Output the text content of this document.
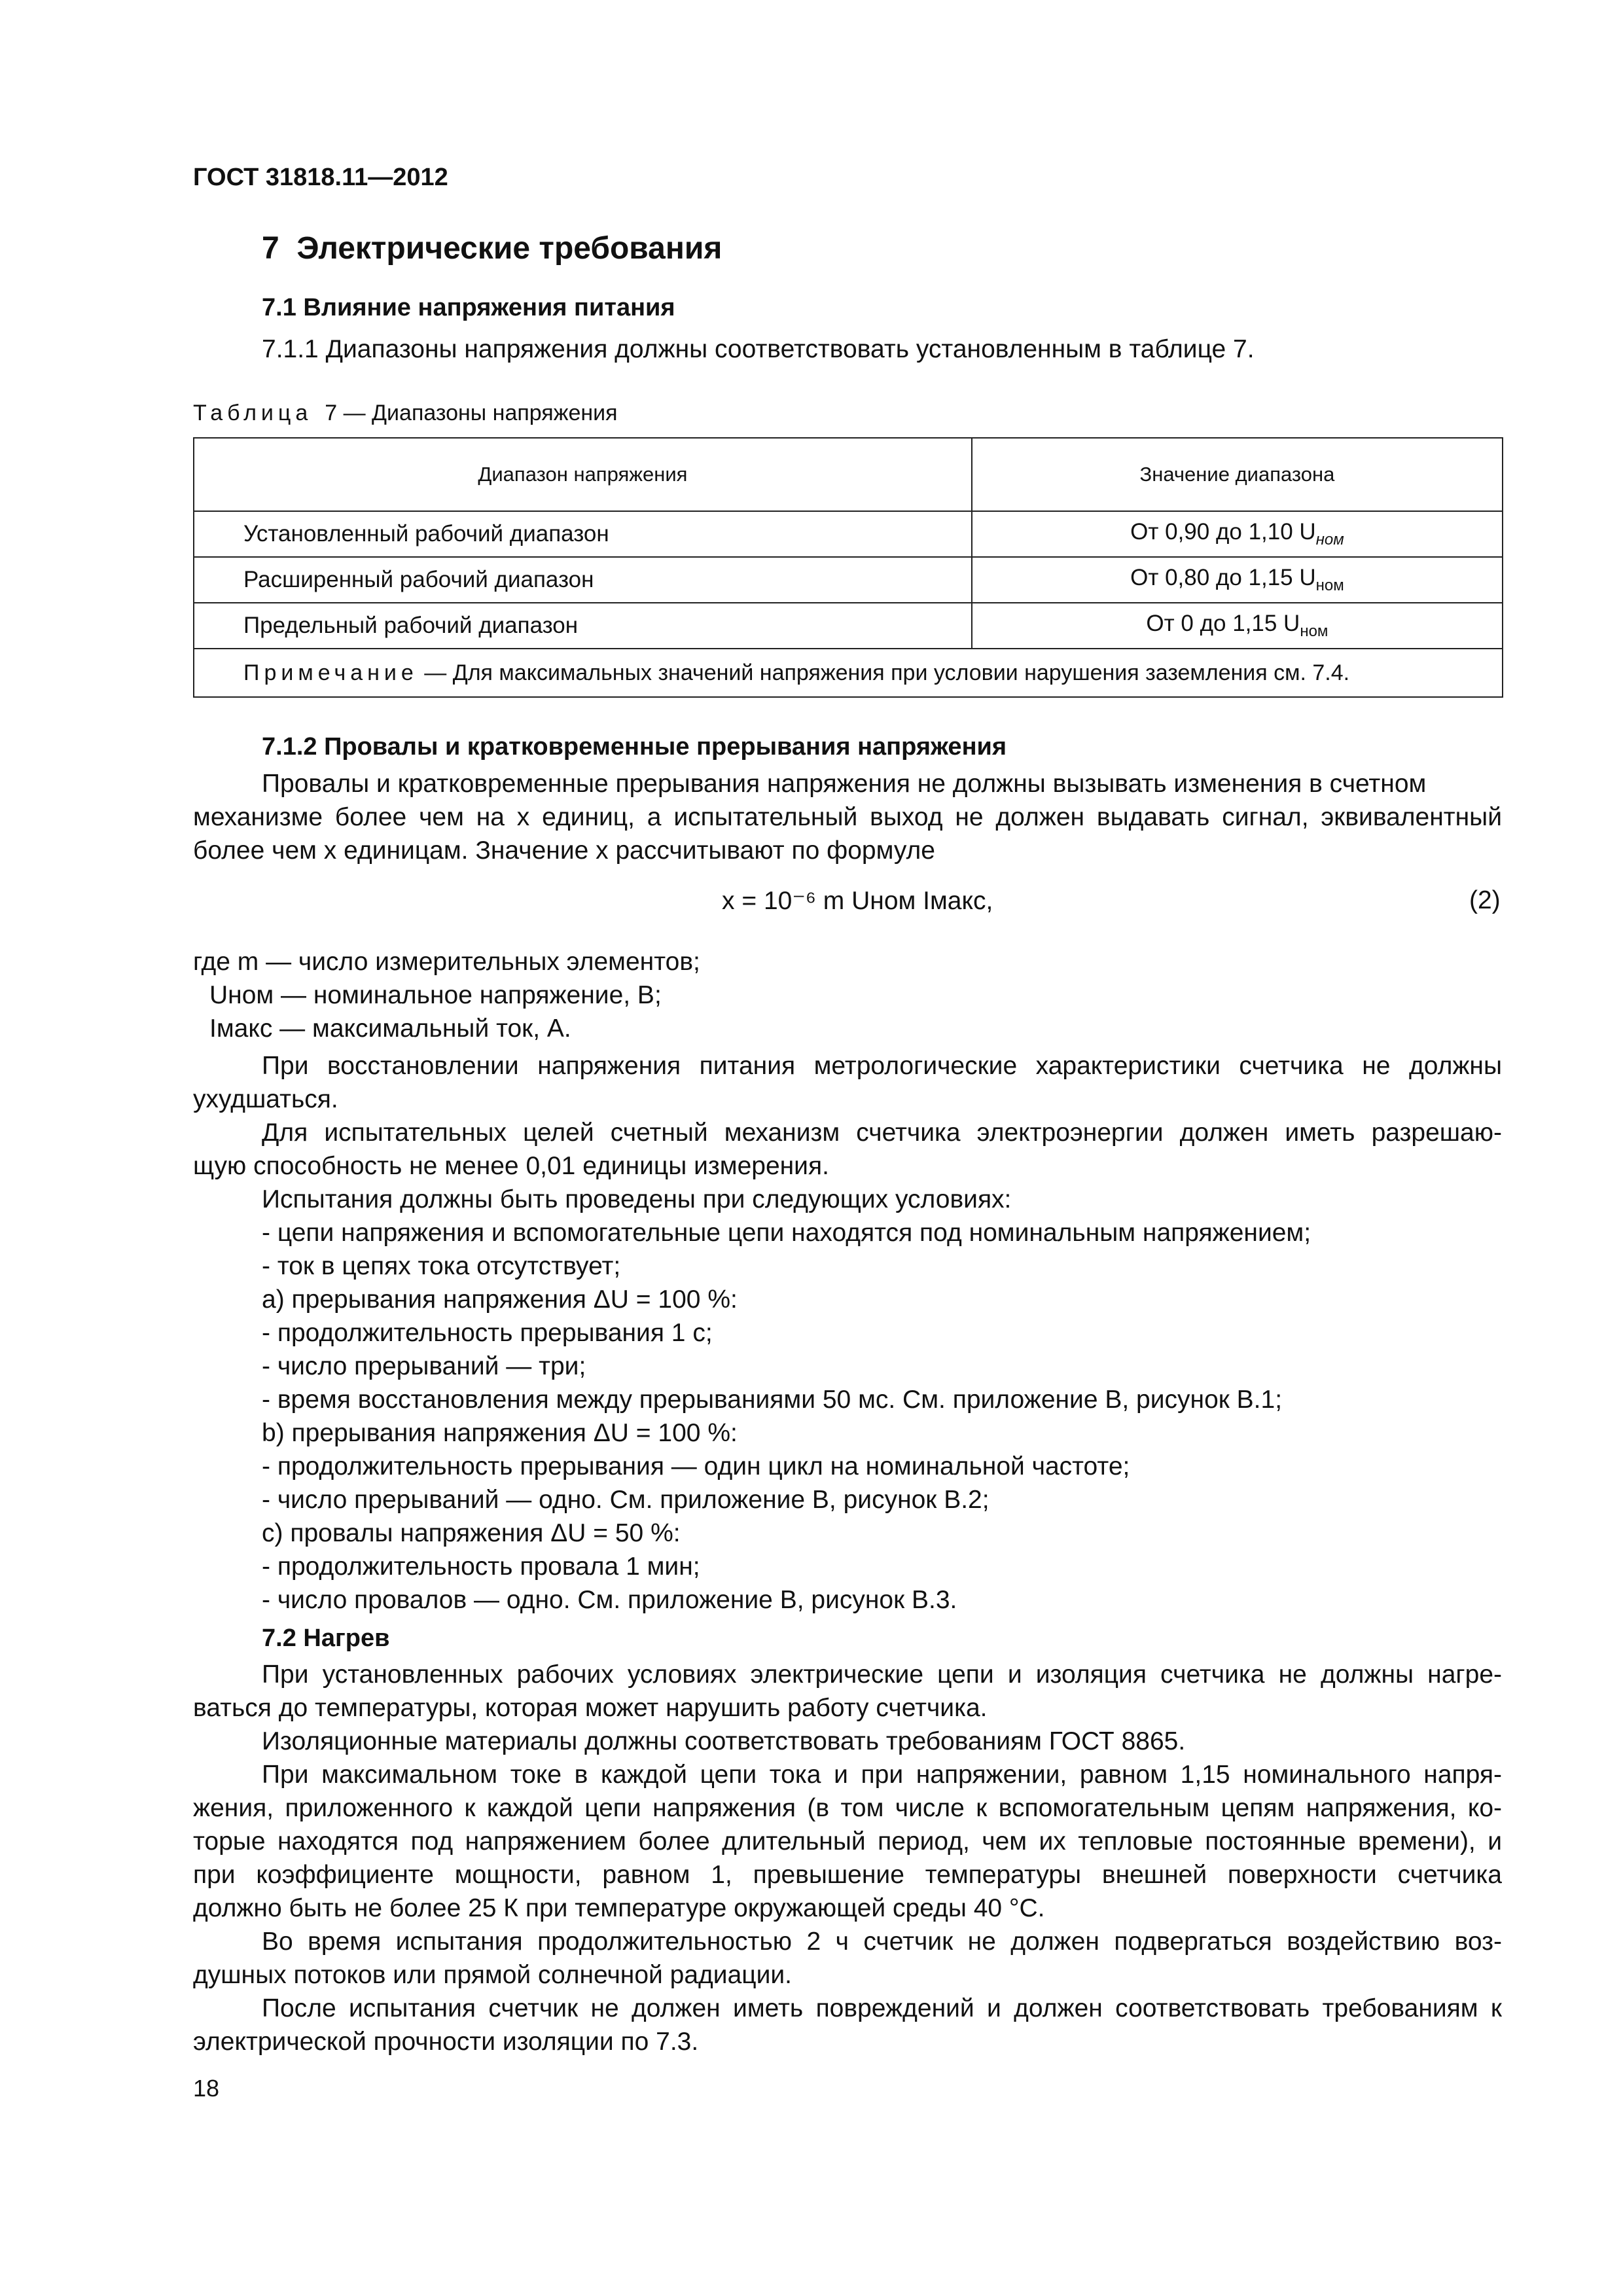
ГОСТ 31818.11—2012
7 Электрические требования
7.1 Влияние напряжения питания
7.1.1 Диапазоны напряжения должны соответствовать установленным в таблице 7.
Таблица 7 — Диапазоны напряжения
Диапазон напряжения	Значение диапазона
Установленный рабочий диапазон	От 0,90 до 1,10 $U_{ном}$
Расширенный рабочий диапазон	От 0,80 до 1,15 $U_{ном}$
Предельный рабочий диапазон	От 0 до 1,15 $U_{ном}$
Примечание — Для максимальных значений напряжения при условии нарушения заземления см. 7.4.	
7.1.2 Провалы и кратковременные прерывания напряжения
Провалы и кратковременные прерывания напряжения не должны вызывать изменения в счетном
механизме более чем на x единиц, а испытательный выход не должен выдавать сигнал, эквивалентный
более чем x единицам. Значение x рассчитывают по формуле
x = 10⁻⁶ m Uном Iмакс,	(2)
где m — число измерительных элементов;
Uном — номинальное напряжение, В;
Iмакс — максимальный ток, А.
При восстановлении напряжения питания метрологические характеристики счетчика не должны
ухудшаться.
Для испытательных целей счетный механизм счетчика электроэнергии должен иметь разрешаю-
щую способность не менее 0,01 единицы измерения.
Испытания должны быть проведены при следующих условиях:
- цепи напряжения и вспомогательные цепи находятся под номинальным напряжением;
- ток в цепях тока отсутствует;
a) прерывания напряжения ΔU = 100 %:
- продолжительность прерывания 1 с;
- число прерываний — три;
- время восстановления между прерываниями 50 мс. См. приложение В, рисунок В.1;
b) прерывания напряжения ΔU = 100 %:
- продолжительность прерывания — один цикл на номинальной частоте;
- число прерываний — одно. См. приложение В, рисунок В.2;
c) провалы напряжения ΔU = 50 %:
- продолжительность провала 1 мин;
- число провалов — одно. См. приложение В, рисунок В.3.
7.2 Нагрев
При установленных рабочих условиях электрические цепи и изоляция счетчика не должны нагре-
ваться до температуры, которая может нарушить работу счетчика.
Изоляционные материалы должны соответствовать требованиям ГОСТ 8865.
При максимальном токе в каждой цепи тока и при напряжении, равном 1,15 номинального напря-
жения, приложенного к каждой цепи напряжения (в том числе к вспомогательным цепям напряжения, ко-
торые находятся под напряжением более длительный период, чем их тепловые постоянные времени), и
при коэффициенте мощности, равном 1, превышение температуры внешней поверхности счетчика
должно быть не более 25 К при температуре окружающей среды 40 °C.
Во время испытания продолжительностью 2 ч счетчик не должен подвергаться воздействию воз-
душных потоков или прямой солнечной радиации.
После испытания счетчик не должен иметь повреждений и должен соответствовать требованиям к
электрической прочности изоляции по 7.3.
18
